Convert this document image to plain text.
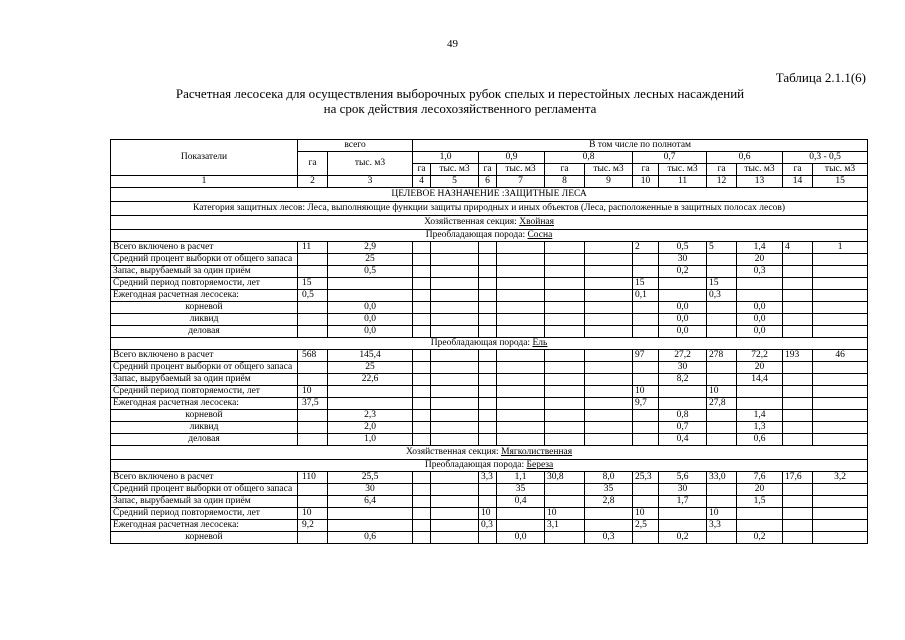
49
Таблица 2.1.1(6)
Расчетная лесосека для осуществления выборочных рубок спелых и перестойных лесных насаждений
на срок действия лесохозяйственного регламента
Показатели	всего		В том числе по полнотам											
	га	тыс. м3	1,0		0,9		0,8		0,7		0,6		0,3 - 0,5	
			га	тыс. м3	га	тыс. м3	га	тыс. м3	га	тыс. м3	га	тыс. м3	га	тыс. м3
1	2	3	4	5	6	7	8	9	10	11	12	13	14	15
ЦЕЛЕВОЕ НАЗНАЧЕНИЕ :ЗАЩИТНЫЕ ЛЕСА														
Категория защитных лесов: Леса, выполняющие функции защиты природных и иных объектов (Леса, расположенные в защитных полосах лесов)														
Хозяйственная секция: Хвойная														
Преобладающая порода: Сосна														
Всего включено в расчет	11	2,9							2	0,5	5	1,4	4	1
Средний процент выборки от общего запаса		25								30		20		
Запас, вырубаемый за один приём		0,5								0,2		0,3		
Средний период повторяемости, лет	15								15		15			
Ежегодная расчетная лесосека:	0,5								0,1		0,3			
корневой		0,0								0,0		0,0		
ликвид		0,0								0,0		0,0		
деловая		0,0								0,0		0,0		
Преобладающая порода: Ель														
Всего включено в расчет	568	145,4							97	27,2	278	72,2	193	46
Средний процент выборки от общего запаса		25								30		20		
Запас, вырубаемый за один приём		22,6								8,2		14,4		
Средний период повторяемости, лет	10								10		10			
Ежегодная расчетная лесосека:	37,5								9,7		27,8			
корневой		2,3								0,8		1,4		
ликвид		2,0								0,7		1,3		
деловая		1,0								0,4		0,6		
Хозяйственная секция: Мягколиственная														
Преобладающая порода: Береза														
Всего включено в расчет	110	25,5			3,3	1,1	30,8	8,0	25,3	5,6	33,0	7,6	17,6	3,2
Средний процент выборки от общего запаса		30				35		35		30		20		
Запас, вырубаемый за один приём		6,4				0,4		2,8		1,7		1,5		
Средний период повторяемости, лет	10				10		10		10		10			
Ежегодная расчетная лесосека:	9,2				0,3		3,1		2,5		3,3			
корневой		0,6				0,0		0,3		0,2		0,2		
